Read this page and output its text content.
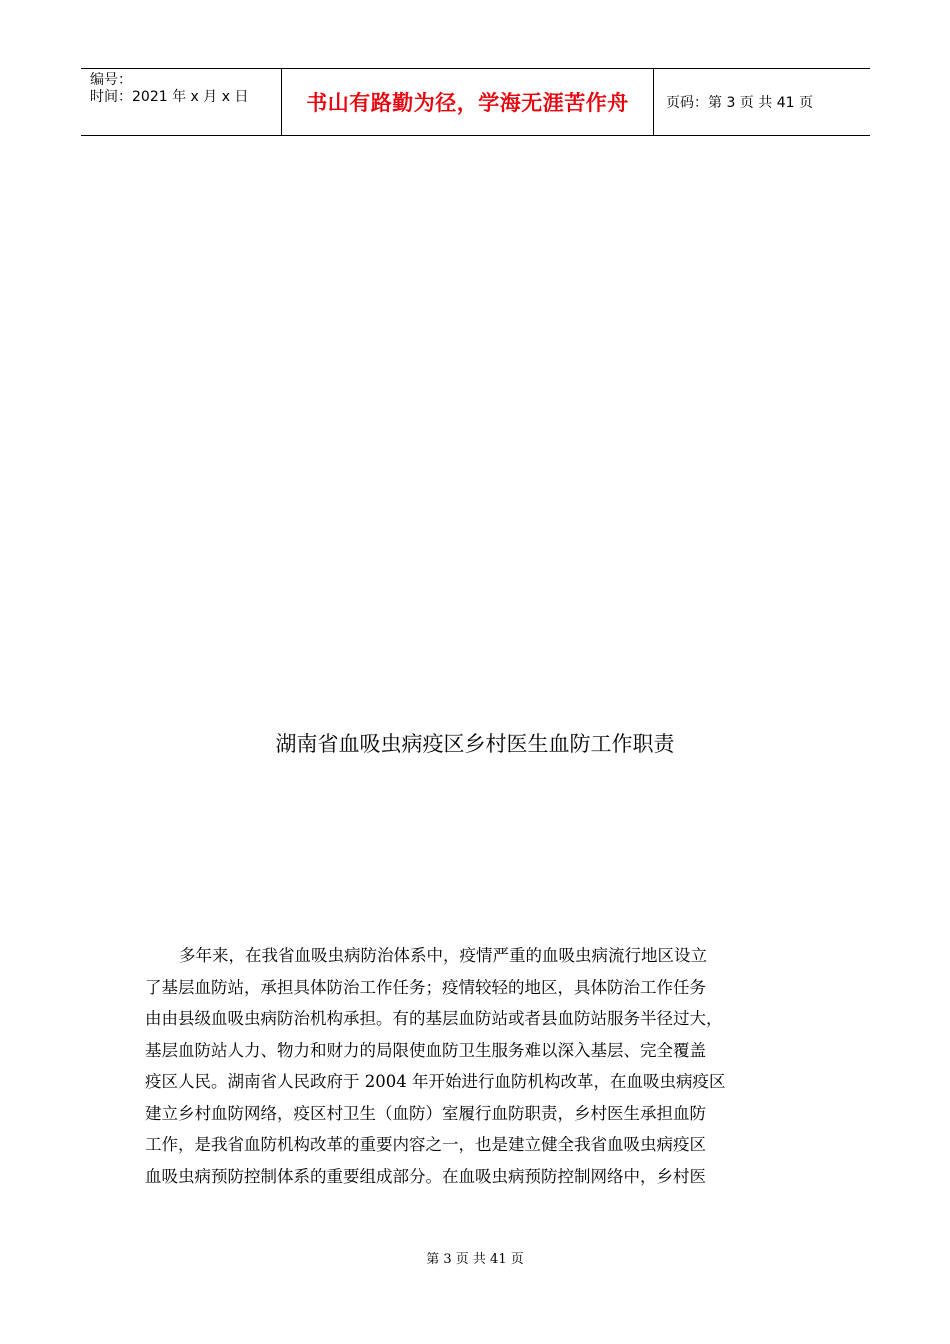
编号：
时间：2021 年 x 月 x 日	书山有路勤为径，学海无涯苦作舟	页码：第 3 页 共 41 页
湖南省血吸虫病疫区乡村医生血防工作职责
多年来，在我省血吸虫病防治体系中，疫情严重的血吸虫病流行地区设立
了基层血防站，承担具体防治工作任务；疫情较轻的地区，具体防治工作任务
由由县级血吸虫病防治机构承担。有的基层血防站或者县血防站服务半径过大，
基层血防站人力、物力和财力的局限使血防卫生服务难以深入基层、完全覆盖
疫区人民。湖南省人民政府于 2004 年开始进行血防机构改革，在血吸虫病疫区
建立乡村血防网络，疫区村卫生（血防）室履行血防职责，乡村医生承担血防
工作，是我省血防机构改革的重要内容之一，也是建立健全我省血吸虫病疫区
血吸虫病预防控制体系的重要组成部分。在血吸虫病预防控制网络中，乡村医
第 3 页 共 41 页
